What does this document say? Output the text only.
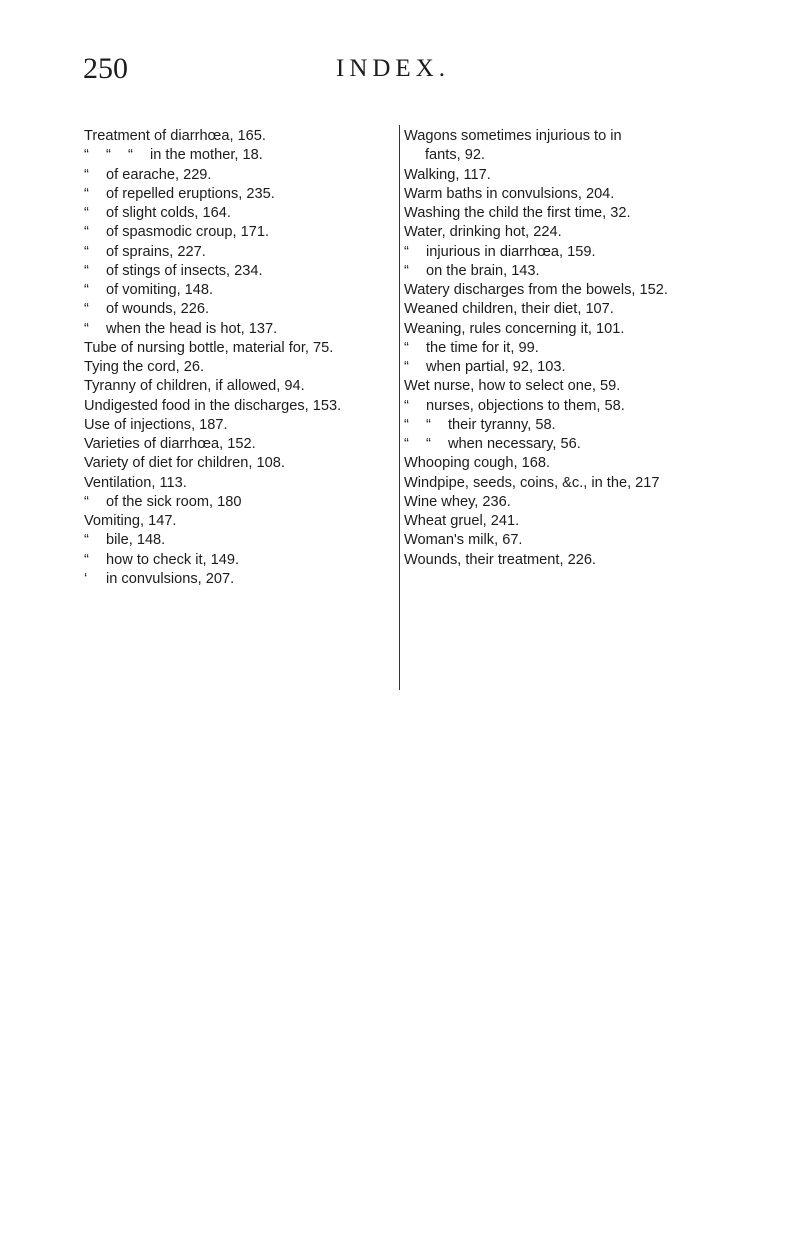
250	INDEX.
Treatment of diarrhœa, 165.
“ “ “ in the mother, 18.
“ of earache, 229.
“ of repelled eruptions, 235.
“ of slight colds, 164.
“ of spasmodic croup, 171.
“ of sprains, 227.
“ of stings of insects, 234.
“ of vomiting, 148.
“ of wounds, 226.
“ when the head is hot, 137.
Tube of nursing bottle, material for, 75.
Tying the cord, 26.
Tyranny of children, if allowed, 94.
Undigested food in the discharges, 153.
Use of injections, 187.
Varieties of diarrhœa, 152.
Variety of diet for children, 108.
Ventilation, 113.
“ of the sick room, 180
Vomiting, 147.
“ bile, 148.
“ how to check it, 149.
‘ in convulsions, 207.
Wagons sometimes injurious to in
fants, 92.
Walking, 117.
Warm baths in convulsions, 204.
Washing the child the first time, 32.
Water, drinking hot, 224.
“ injurious in diarrhœa, 159.
“ on the brain, 143.
Watery discharges from the bowels, 152.
Weaned children, their diet, 107.
Weaning, rules concerning it, 101.
“ the time for it, 99.
“ when partial, 92, 103.
Wet nurse, how to select one, 59.
“ nurses, objections to them, 58.
“ “ their tyranny, 58.
“ “ when necessary, 56.
Whooping cough, 168.
Windpipe, seeds, coins, &c., in the, 217
Wine whey, 236.
Wheat gruel, 241.
Woman's milk, 67.
Wounds, their treatment, 226.
